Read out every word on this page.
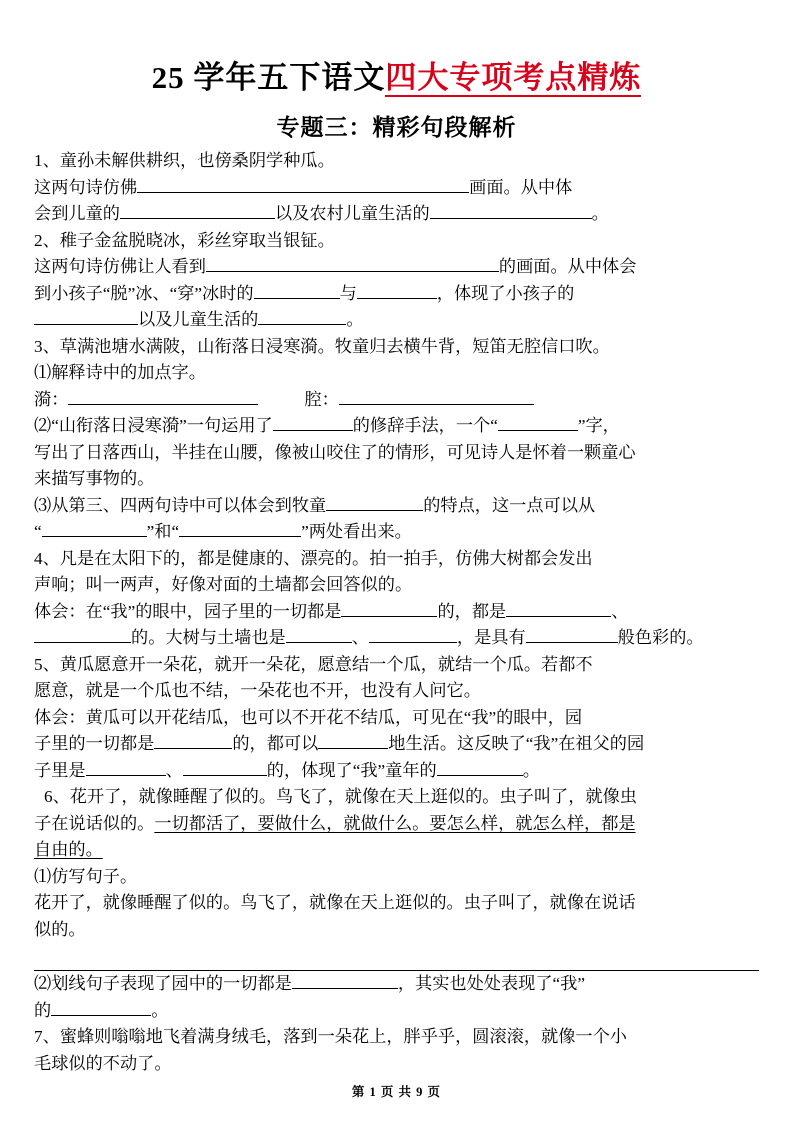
25 学年五下语文四大专项考点精炼
专题三：精彩句段解析

1、童孙未解供耕织，也傍桑阴学种瓜。

这两句诗仿佛	画面。从中体

会到儿童的	以及农村儿童生活的	。

2、稚子金盆脱晓冰，彩丝穿取当银钲。

这两句诗仿佛让人看到	的画面。从中体会

到小孩子“脱”冰、“穿”冰时的	与	，体现了小孩子的

以及儿童生活的	。

3、草满池塘水满陂，山衔落日浸寒漪。牧童归去横牛背，短笛无腔信口吹。

⑴解释诗中的加点字。

漪：	腔：

⑵“山衔落日浸寒漪”一句运用了	的修辞手法，一个“	”字，

写出了日落西山，半挂在山腰，像被山咬住了的情形，可见诗人是怀着一颗童心

来描写事物的。

⑶从第三、四两句诗中可以体会到牧童	的特点，这一点可以从

“	”和“	”两处看出来。

4、凡是在太阳下的，都是健康的、漂亮的。拍一拍手，仿佛大树都会发出

声响；叫一两声，好像对面的土墙都会回答似的。

体会：在“我”的眼中，园子里的一切都是	的，都是	、

的。大树与土墙也是	、	，是具有	般色彩的。

5、黄瓜愿意开一朵花，就开一朵花，愿意结一个瓜，就结一个瓜。若都不

愿意，就是一个瓜也不结，一朵花也不开，也没有人问它。

体会：黄瓜可以开花结瓜，也可以不开花不结瓜，可见在“我”的眼中，园

子里的一切都是	的，都可以	地生活。这反映了“我”在祖父的园

子里是	、	的，体现了“我”童年的	。

6、花开了，就像睡醒了似的。鸟飞了，就像在天上逛似的。虫子叫了，就像虫

子在说话似的。一切都活了，要做什么，就做什么。要怎么样，就怎么样，都是

自由的。

⑴仿写句子。

花开了，就像睡醒了似的。鸟飞了，就像在天上逛似的。虫子叫了，就像在说话

似的。

⑵划线句子表现了园中的一切都是	，其实也处处表现了“我”

的	。

7、蜜蜂则嗡嗡地飞着满身绒毛，落到一朵花上，胖乎乎，圆滚滚，就像一个小

毛球似的不动了。

第 1 页 共 9 页
